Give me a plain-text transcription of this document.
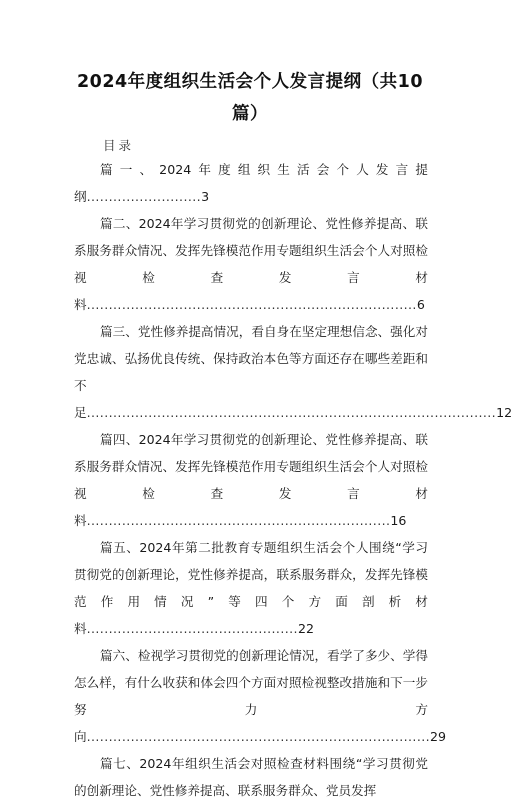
2024年度组织生活会个人发言提纲（共10篇）
目录
篇一、2024年度组织生活会个人发言提纲..........................3
篇二、2024年学习贯彻党的创新理论、党性修养提高、联系服务群众情况、发挥先锋模范作用专题组织生活会个人对照检视检查发言材料...........................................................................6
篇三、党性修养提高情况，看自身在坚定理想信念、强化对党忠诚、弘扬优良传统、保持政治本色等方面还存在哪些差距和不足.............................................................................................12
篇四、2024年学习贯彻党的创新理论、党性修养提高、联系服务群众情况、发挥先锋模范作用专题组织生活会个人对照检视检查发言材料.....................................................................16
篇五、2024年第二批教育专题组织生活会个人围绕“学习贯彻党的创新理论，党性修养提高，联系服务群众，发挥先锋模范作用情况”等四个方面剖析材料................................................22
篇六、检视学习贯彻党的创新理论情况，看学了多少、学得怎么样，有什么收获和体会四个方面对照检视整改措施和下一步努力方向..............................................................................29
篇七、2024年组织生活会对照检查材料围绕“学习贯彻党的创新理论、党性修养提高、联系服务群众、党员发挥
